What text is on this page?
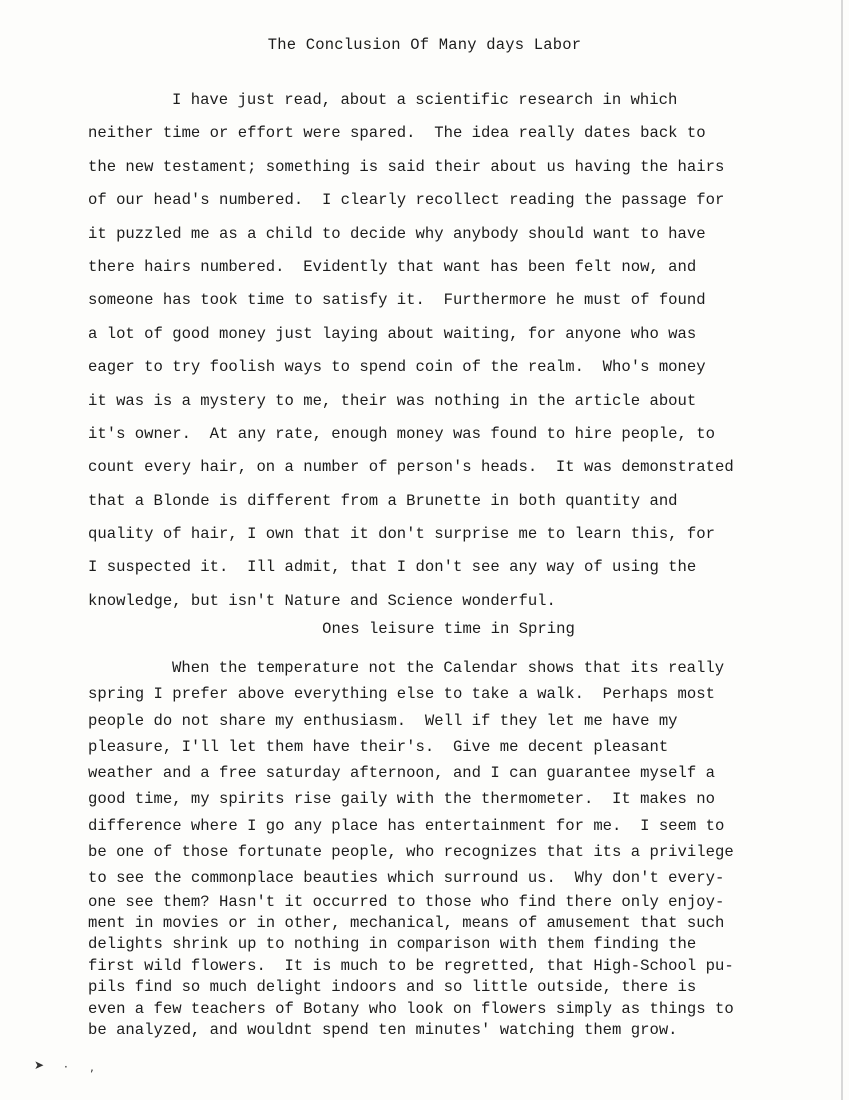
The Conclusion Of Many days Labor
I have just read, about a scientific research in which
neither time or effort were spared.  The idea really dates back to
the new testament; something is said their about us having the hairs
of our head's numbered.  I clearly recollect reading the passage for
it puzzled me as a child to decide why anybody should want to have
there hairs numbered.  Evidently that want has been felt now, and
someone has took time to satisfy it.  Furthermore he must of found
a lot of good money just laying about waiting, for anyone who was
eager to try foolish ways to spend coin of the realm.  Who's money
it was is a mystery to me, their was nothing in the article about
it's owner.  At any rate, enough money was found to hire people, to
count every hair, on a number of person's heads.  It was demonstrated
that a Blonde is different from a Brunette in both quantity and
quality of hair, I own that it don't surprise me to learn this, for
I suspected it.  Ill admit, that I don't see any way of using the
knowledge, but isn't Nature and Science wonderful.
Ones leisure time in Spring
When the temperature not the Calendar shows that its really
spring I prefer above everything else to take a walk.  Perhaps most
people do not share my enthusiasm.  Well if they let me have my
pleasure, I'll let them have their's.  Give me decent pleasant
weather and a free saturday afternoon, and I can guarantee myself a
good time, my spirits rise gaily with the thermometer.  It makes no
difference where I go any place has entertainment for me.  I seem to
be one of those fortunate people, who recognizes that its a privilege
to see the commonplace beauties which surround us.  Why don't every-
one see them? Hasn't it occurred to those who find there only enjoy-
ment in movies or in other, mechanical, means of amusement that such
delights shrink up to nothing in comparison with them finding the
first wild flowers.  It is much to be regretted, that High-School pu-
pils find so much delight indoors and so little outside, there is
even a few teachers of Botany who look on flowers simply as things to
be analyzed, and wouldnt spend ten minutes' watching them grow.
➤ · ,
